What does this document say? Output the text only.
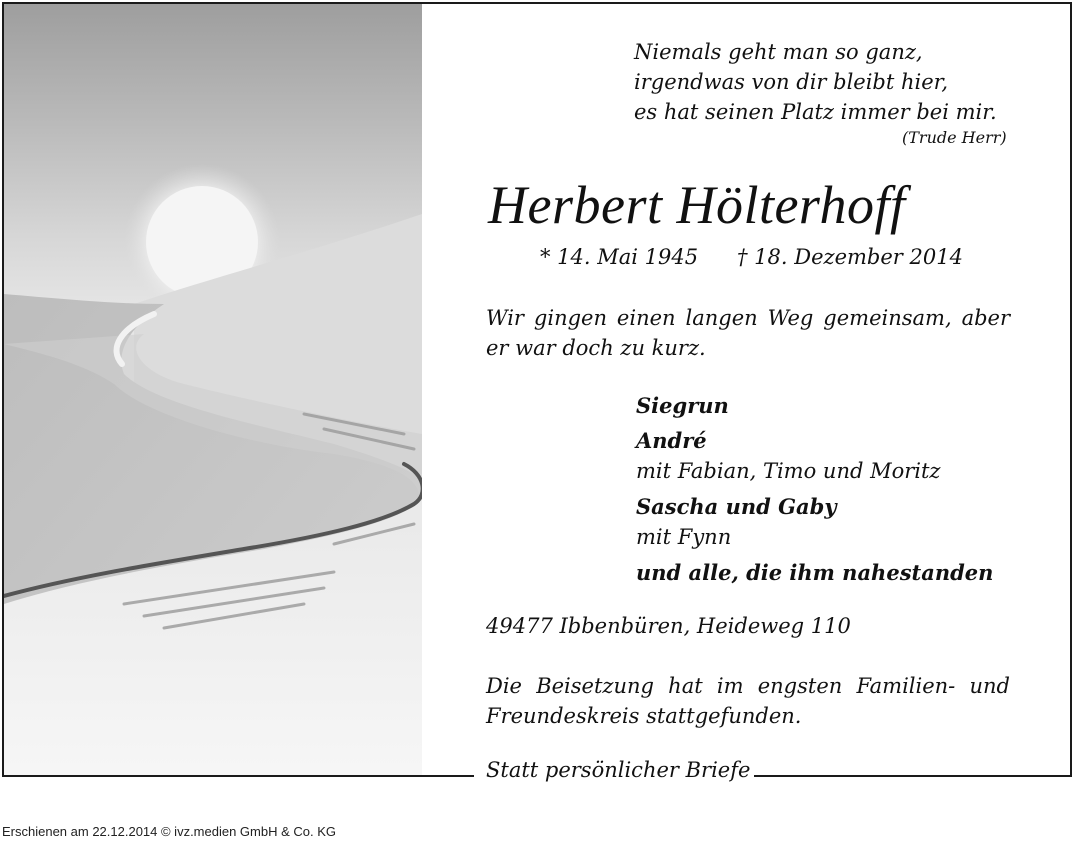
Niemals geht man so ganz,
irgendwas von dir bleibt hier,
es hat seinen Platz immer bei mir.
(Trude Herr)
Herbert Hölterhoff
* 14. Mai 1945 † 18. Dezember 2014
Wir gingen einen langen Weg gemeinsam, aber er war doch zu kurz.
Siegrun
André
mit Fabian, Timo und Moritz
Sascha und Gaby
mit Fynn
und alle, die ihm nahestanden
49477 Ibbenbüren, Heideweg 110
Die Beisetzung hat im engsten Familien- und Freundeskreis stattgefunden.
Statt persönlicher Briefe
Erschienen am 22.12.2014 © ivz.medien GmbH & Co. KG
